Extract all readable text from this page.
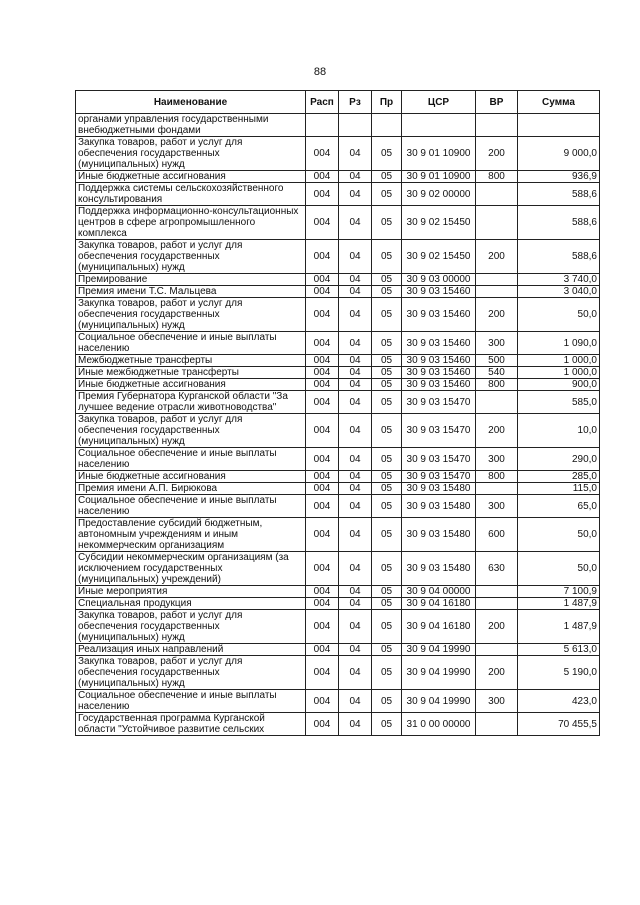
88
Наименование	Расп	Рз	Пр	ЦСР	ВР	Сумма
органами управления государственными внебюджетными фондами						
Закупка товаров, работ и услуг для обеспечения государственных (муниципальных) нужд	004	04	05	30 9 01 10900	200	9 000,0
Иные бюджетные ассигнования	004	04	05	30 9 01 10900	800	936,9
Поддержка системы сельскохозяйственного консультирования	004	04	05	30 9 02 00000		588,6
Поддержка информационно-консультационных центров в сфере агропромышленного комплекса	004	04	05	30 9 02 15450		588,6
Закупка товаров, работ и услуг для обеспечения государственных (муниципальных) нужд	004	04	05	30 9 02 15450	200	588,6
Премирование	004	04	05	30 9 03 00000		3 740,0
Премия имени Т.С. Мальцева	004	04	05	30 9 03 15460		3 040,0
Закупка товаров, работ и услуг для обеспечения государственных (муниципальных) нужд	004	04	05	30 9 03 15460	200	50,0
Социальное обеспечение и иные выплаты населению	004	04	05	30 9 03 15460	300	1 090,0
Межбюджетные трансферты	004	04	05	30 9 03 15460	500	1 000,0
Иные межбюджетные трансферты	004	04	05	30 9 03 15460	540	1 000,0
Иные бюджетные ассигнования	004	04	05	30 9 03 15460	800	900,0
Премия Губернатора Курганской области "За лучшее ведение отрасли животноводства"	004	04	05	30 9 03 15470		585,0
Закупка товаров, работ и услуг для обеспечения государственных (муниципальных) нужд	004	04	05	30 9 03 15470	200	10,0
Социальное обеспечение и иные выплаты населению	004	04	05	30 9 03 15470	300	290,0
Иные бюджетные ассигнования	004	04	05	30 9 03 15470	800	285,0
Премия имени А.П. Бирюкова	004	04	05	30 9 03 15480		115,0
Социальное обеспечение и иные выплаты населению	004	04	05	30 9 03 15480	300	65,0
Предоставление субсидий бюджетным, автономным учреждениям и иным некоммерческим организациям	004	04	05	30 9 03 15480	600	50,0
Субсидии некоммерческим организациям (за исключением государственных (муниципальных) учреждений)	004	04	05	30 9 03 15480	630	50,0
Иные мероприятия	004	04	05	30 9 04 00000		7 100,9
Специальная продукция	004	04	05	30 9 04 16180		1 487,9
Закупка товаров, работ и услуг для обеспечения государственных (муниципальных) нужд	004	04	05	30 9 04 16180	200	1 487,9
Реализация иных направлений	004	04	05	30 9 04 19990		5 613,0
Закупка товаров, работ и услуг для обеспечения государственных (муниципальных) нужд	004	04	05	30 9 04 19990	200	5 190,0
Социальное обеспечение и иные выплаты населению	004	04	05	30 9 04 19990	300	423,0
Государственная программа Курганской области "Устойчивое развитие сельских	004	04	05	31 0 00 00000		70 455,5
